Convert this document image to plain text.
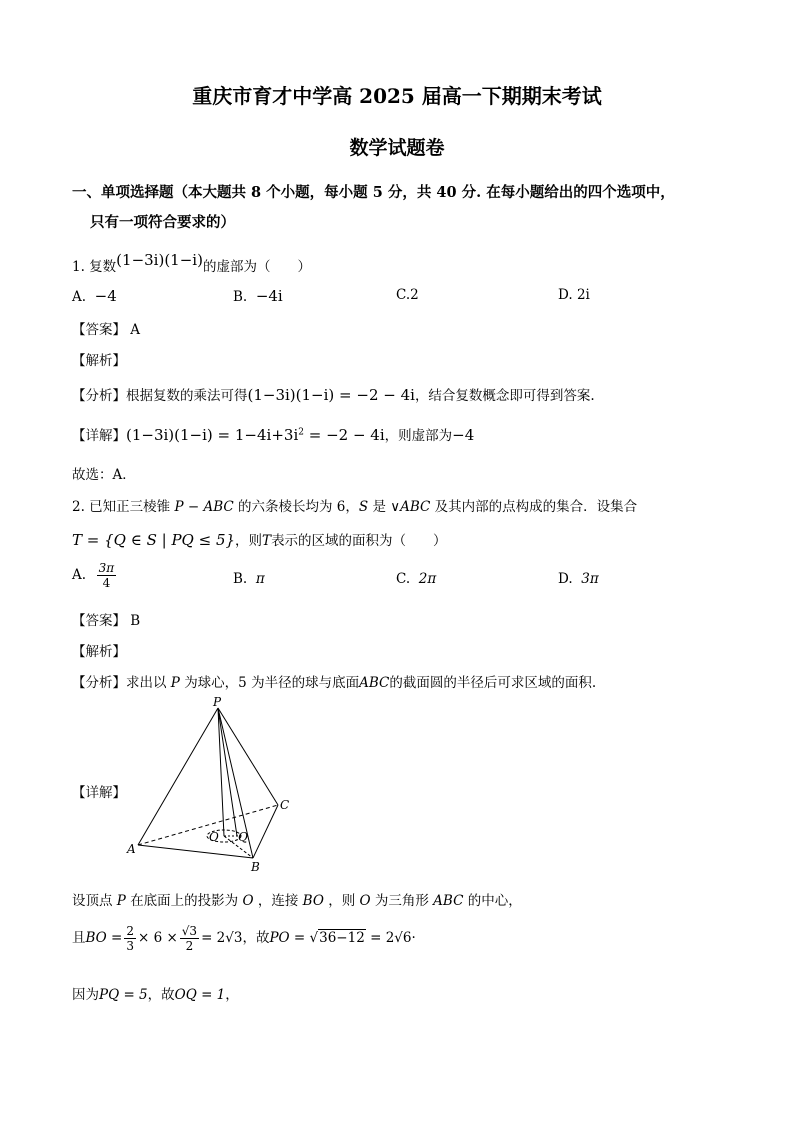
重庆市育才中学高 2025 届高一下期期末考试
数学试题卷
一、单项选择题（本大题共 8 个小题，每小题 5 分，共 40 分. 在每小题给出的四个选项中，
只有一项符合要求的）
1. 复数(1−3i)(1−i)的虚部为（　　）
A. −4	B. −4i	C.2	D. 2i
【答案】 A
【解析】
【分析】根据复数的乘法可得(1−3i)(1−i) = −2 − 4i，结合复数概念即可得到答案.
【详解】$(1-3i)(1-i) = 1-4i+3i^2 = -2 - 4i$，则虚部为−4
故选：A．
2. 已知正三棱锥 P − ABC 的六条棱长均为 6，S 是 ∨ABC 及其内部的点构成的集合．设集合
T = {Q ∈ S | PQ ≤ 5}，则T表示的区域的面积为（　　）
A. $\frac{3\pi}{4}$	B. π	C. 2π	D. 3π
【答案】 B
【解析】
【分析】求出以 P 为球心，5 为半径的球与底面ABC的截面圆的半径后可求区域的面积.
【详解】
P
A
B
C
O Q
设顶点 P 在底面上的投影为 O ，连接 BO ，则 O 为三角形 ABC 的中心，
且BO = $\frac{2}{3} \times 6 \times \frac{√3}{2} = 2√3$，故PO = √36−12 = 2√6·
因为PQ = 5，故OQ = 1，
